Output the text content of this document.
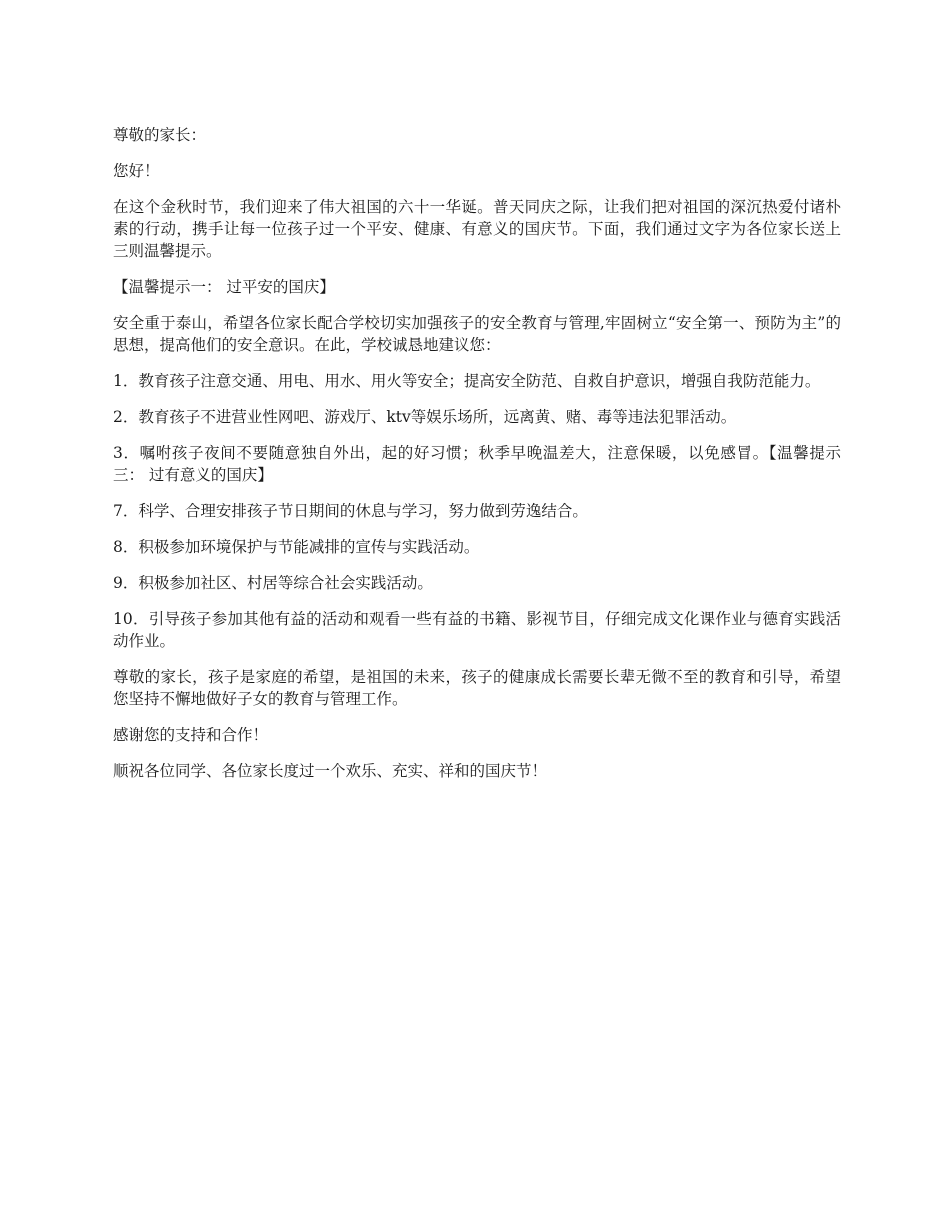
尊敬的家长：

您好！

在这个金秋时节，我们迎来了伟大祖国的六十一华诞。普天同庆之际，让我们把对祖国的深沉热爱付诸朴素的行动，携手让每一位孩子过一个平安、健康、有意义的国庆节。下面，我们通过文字为各位家长送上三则温馨提示。

【温馨提示一： 过平安的国庆】

安全重于泰山，希望各位家长配合学校切实加强孩子的安全教育与管理,牢固树立“安全第一、预防为主”的思想，提高他们的安全意识。在此，学校诚恳地建议您：

1．教育孩子注意交通、用电、用水、用火等安全；提高安全防范、自救自护意识，增强自我防范能力。

2．教育孩子不进营业性网吧、游戏厅、ktv等娱乐场所，远离黄、赌、毒等违法犯罪活动。

3．嘱咐孩子夜间不要随意独自外出，起的好习惯；秋季早晚温差大，注意保暖，以免感冒。【温馨提示三： 过有意义的国庆】

7．科学、合理安排孩子节日期间的休息与学习，努力做到劳逸结合。

8．积极参加环境保护与节能减排的宣传与实践活动。

9．积极参加社区、村居等综合社会实践活动。

10．引导孩子参加其他有益的活动和观看一些有益的书籍、影视节目，仔细完成文化课作业与德育实践活动作业。

尊敬的家长，孩子是家庭的希望，是祖国的未来，孩子的健康成长需要长辈无微不至的教育和引导，希望您坚持不懈地做好子女的教育与管理工作。

感谢您的支持和合作！

顺祝各位同学、各位家长度过一个欢乐、充实、祥和的国庆节！
